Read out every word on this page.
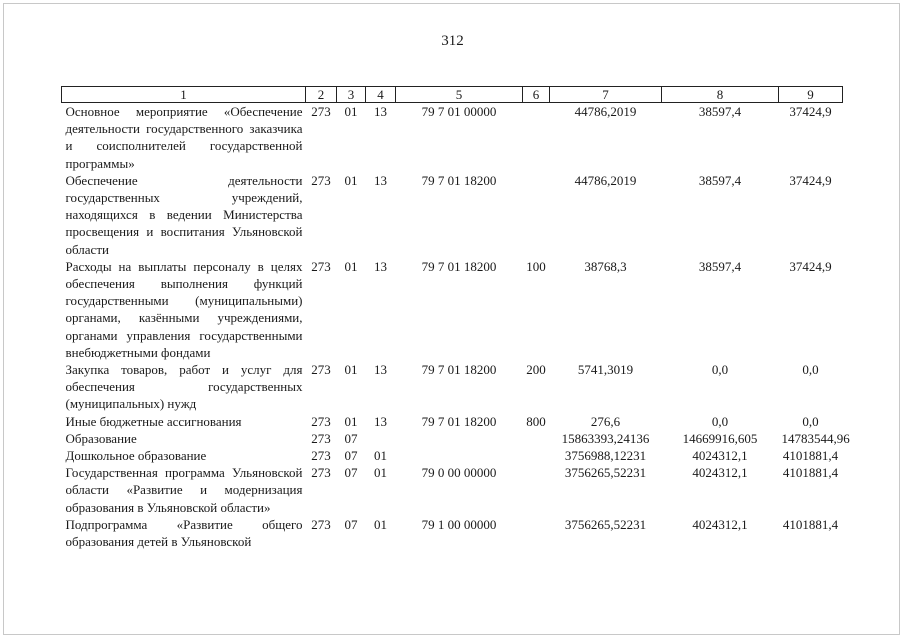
312
1	2	3	4	5	6	7	8	9
Основное мероприятие «Обеспечение деятельности государственного заказчика и соисполнителей государственной программы»	273	01	13	79 7 01 00000		44786,2019	38597,4	37424,9
Обеспечение деятельности государственных учреждений, находящихся в ведении Министерства просвещения и воспитания Ульяновской области	273	01	13	79 7 01 18200		44786,2019	38597,4	37424,9
Расходы на выплаты персоналу в целях обеспечения выполнения функций государственными (муниципальными) органами, казёнными учреждениями, органами управления государственными внебюджетными фондами	273	01	13	79 7 01 18200	100	38768,3	38597,4	37424,9
Закупка товаров, работ и услуг для обеспечения государственных (муниципальных) нужд	273	01	13	79 7 01 18200	200	5741,3019	0,0	0,0
Иные бюджетные ассигнования	273	01	13	79 7 01 18200	800	276,6	0,0	0,0
Образование	273	07				15863393,24136	14669916,605	14783544,96
Дошкольное образование	273	07	01			3756988,12231	4024312,1	4101881,4
Государственная программа Ульяновской области «Развитие и модернизация образования в Ульяновской области»	273	07	01	79 0 00 00000		3756265,52231	4024312,1	4101881,4
Подпрограмма «Развитие общего образования детей в Ульяновской	273	07	01	79 1 00 00000		3756265,52231	4024312,1	4101881,4
